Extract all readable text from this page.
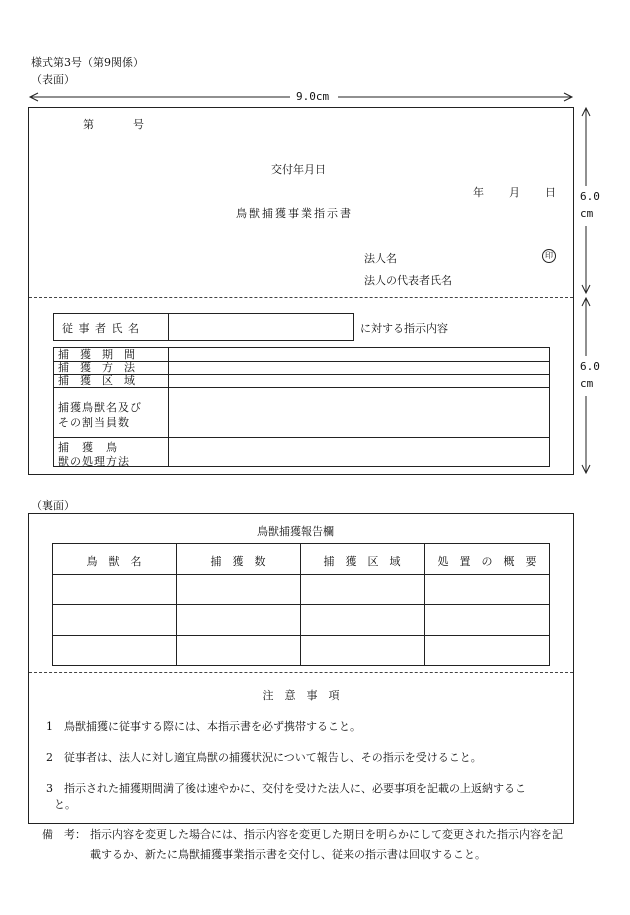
様式第3号（第9関係）
（表面）
9.0cm
6.0
cm
6.0
cm
第	号
交付年月日
年 月 日
鳥獣捕獲事業指示書
法人名	印
法人の代表者氏名
従 事 者 氏 名	に対する指示内容
捕　獲　期　間
捕　獲　方　法
捕　獲　区　域
捕獲鳥獣名及び
その割当員数
捕　獲　鳥
獣の処理方法
（裏面）
鳥獣捕獲報告欄
鳥　獣　名	捕　獲　数	捕　獲　区　域	処　置　の　概　要
注　意　事　項
1　鳥獣捕獲に従事する際には、本指示書を必ず携帯すること。
2　従事者は、法人に対し適宜鳥獣の捕獲状況について報告し、その指示を受けること。
3　指示された捕獲期間満了後は速やかに、交付を受けた法人に、必要事項を記載の上返納するこ
と。
備　考： 指示内容を変更した場合には、指示内容を変更した期日を明らかにして変更された指示内容を記
載するか、新たに鳥獣捕獲事業指示書を交付し、従来の指示書は回収すること。
